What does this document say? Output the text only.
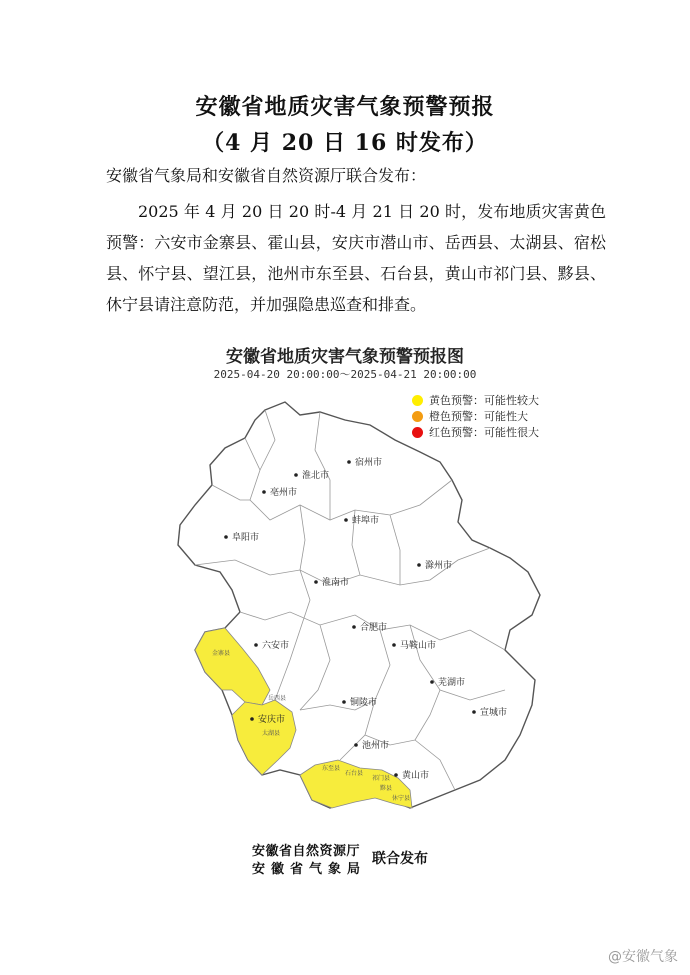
安徽省地质灾害气象预警预报
（4 月 20 日 16 时发布）
安徽省气象局和安徽省自然资源厅联合发布：
2025 年 4 月 20 日 20 时-4 月 21 日 20 时，发布地质灾害黄色预警：六安市金寨县、霍山县，安庆市潜山市、岳西县、太湖县、宿松县、怀宁县、望江县，池州市东至县、石台县，黄山市祁门县、黟县、休宁县请注意防范，并加强隐患巡查和排查。
安徽省地质灾害气象预警预报图
2025-04-20 20:00:00～2025-04-21 20:00:00
黄色预警：可能性较大
橙色预警：可能性大
红色预警：可能性很大
宿州市
淮北市
亳州市
阜阳市
蚌埠市
淮南市
滁州市
六安市
合肥市
马鞍山市
芜湖市
铜陵市
安庆市
池州市
宣城市
黄山市
金寨县
岳西县
太湖县
东至县
石台县
祁门县
黟县
休宁县
安徽省自然资源厅
安徽省气象局
联合发布
@安徽气象
